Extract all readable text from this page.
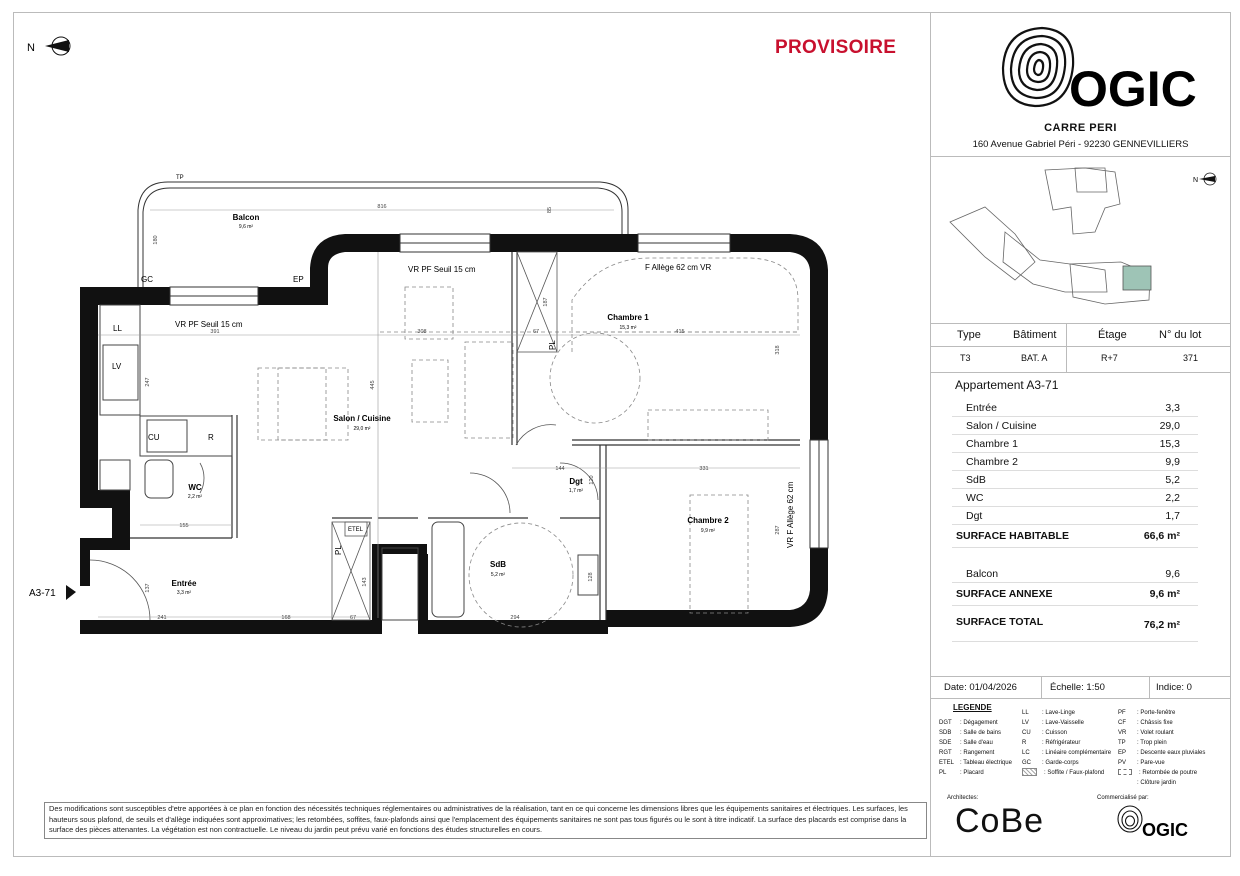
N	PROVISOIRE
Balcon
9,6 m²
Salon / Cuisine
29,0 m²
Chambre 1
15,3 m²
Chambre 2
9,9 m²
WC
2,2 m²
Entrée
3,3 m²
Dgt
1,7 m²
SdB
5,2 m²
VR PF Seuil 15 cm
VR PF Seuil 15 cm	F Allège 62 cm VR
VR F Allège 62 cm
GC	EP
TP
LL
LV
CU	R
PL
PL
ETEL
816
180
85
391	308	67	415
318
247	445
187
144	331
120
155	287
137
143
241	168	67	294
128
A3-71
Des modifications sont susceptibles d'etre apportées à ce plan en fonction des nécessités techniques réglementaires ou administratives de la réalisation, tant en ce qui concerne les dimensions libres que les équipements sanitaires et électriques. Les surfaces, les hauteurs sous plafond, de seuils et d'allège indiquées sont approximatives; les retombées, soffites, faux-plafonds ainsi que l'emplacement des équipements sanitaires ne sont pas tous figurés ou le sont à titre indicatif. La surface des placards est comprise dans la surface des pièces attenantes. La végétation est non contractuelle. Le niveau du jardin peut prévu varié en fonctions des études structurelles en cours.
OGIC
CARRE PERI
160 Avenue Gabriel Péri - 92230 GENNEVILLIERS
N
Type	Bâtiment	Étage	N° du lot
T3	BAT. A	R+7	371
Appartement A3-71
Entrée	3,3
Salon / Cuisine	29,0
Chambre 1	15,3
Chambre 2	9,9
SdB	5,2
WC	2,2
Dgt	1,7
SURFACE HABITABLE	66,6 m²
Balcon	9,6
SURFACE ANNEXE	9,6 m²
SURFACE TOTAL	76,2 m²
Date: 01/04/2026	Échelle: 1:50	Indice: 0
LEGENDE
DGT : Dégagement
SDB : Salle de bains
SDE : Salle d'eau
RGT : Rangement
ETEL : Tableau électrique
PL : Placard
LL : Lave-Linge
LV : Lave-Vaisselle
CU : Cuisson
R	: Réfrigérateur
LC : Linéaire complémentaire
GC : Garde-corps
: Soffite / Faux-plafond
PF : Porte-fenêtre
CF : Châssis fixe
VR : Volet roulant
TP : Trop plein
EP : Descente eaux pluviales
PV : Pare-vue
: Retombée de poutre
: Clôture jardin
Architectes:
CoBe
Commercialisé par:
OGIC
